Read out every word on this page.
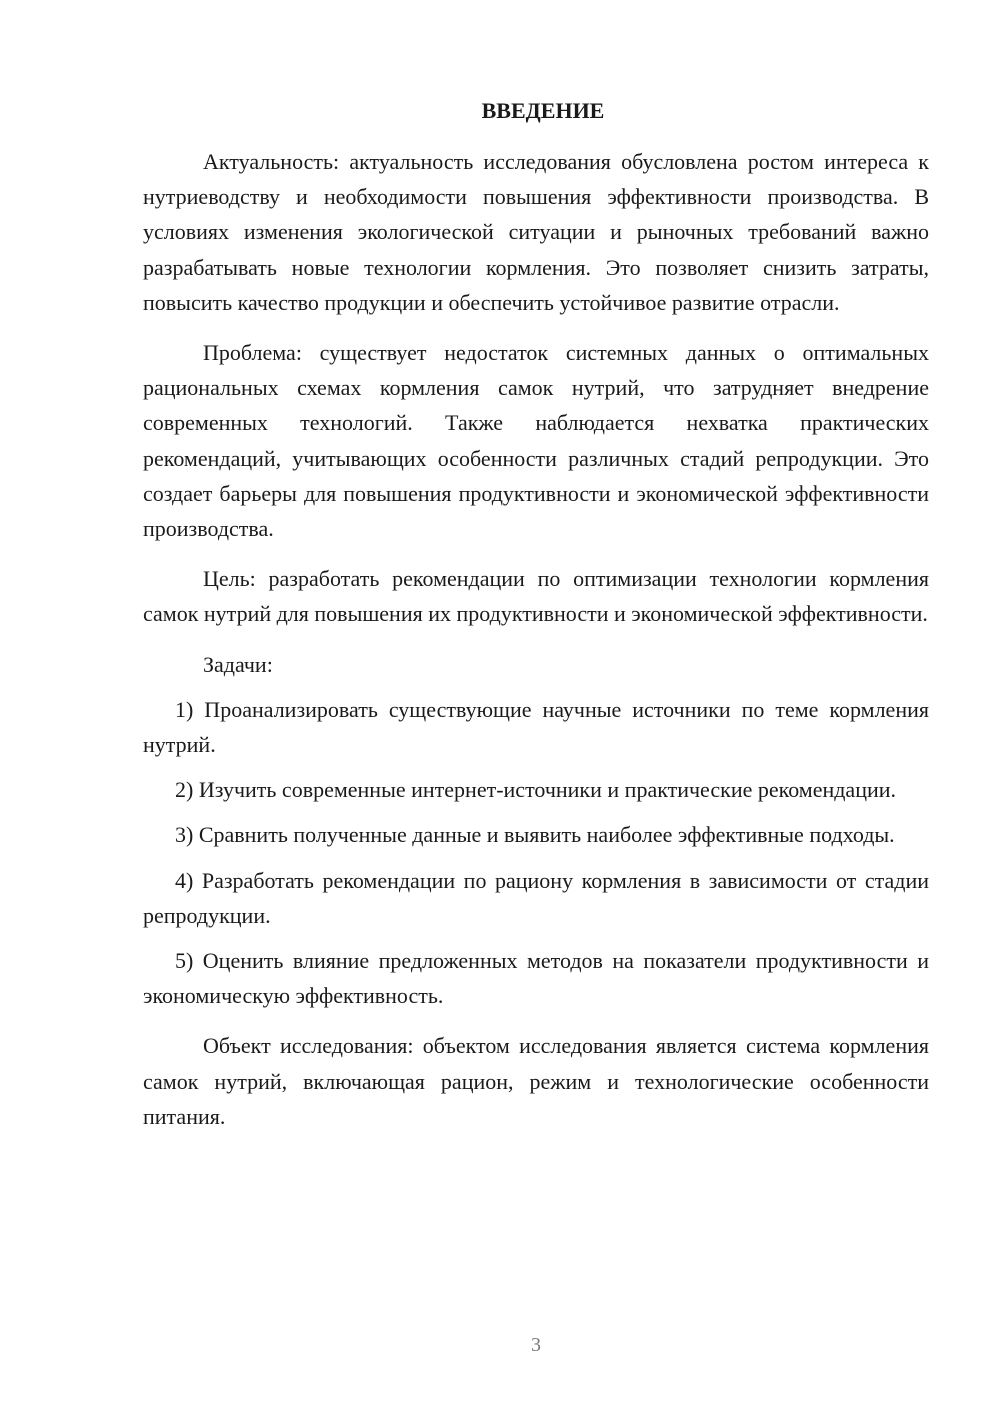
ВВЕДЕНИЕ

Актуальность: актуальность исследования обусловлена ростом интереса к нутриеводству и необходимости повышения эффективности производства. В условиях изменения экологической ситуации и рыночных требований важно разрабатывать новые технологии кормления. Это позволяет снизить затраты, повысить качество продукции и обеспечить устойчивое развитие отрасли.

Проблема: существует недостаток системных данных о оптимальных рациональных схемах кормления самок нутрий, что затрудняет внедрение современных технологий. Также наблюдается нехватка практических рекомендаций, учитывающих особенности различных стадий репродукции. Это создает барьеры для повышения продуктивности и экономической эффективности производства.

Цель: разработать рекомендации по оптимизации технологии кормления самок нутрий для повышения их продуктивности и экономической эффективности.

Задачи:

1) Проанализировать существующие научные источники по теме кормления нутрий.

2) Изучить современные интернет-источники и практические рекомендации.

3) Сравнить полученные данные и выявить наиболее эффективные подходы.

4) Разработать рекомендации по рациону кормления в зависимости от стадии репродукции.

5) Оценить влияние предложенных методов на показатели продуктивности и экономическую эффективность.

Объект исследования: объектом исследования является система кормления самок нутрий, включающая рацион, режим и технологические особенности питания.

3
